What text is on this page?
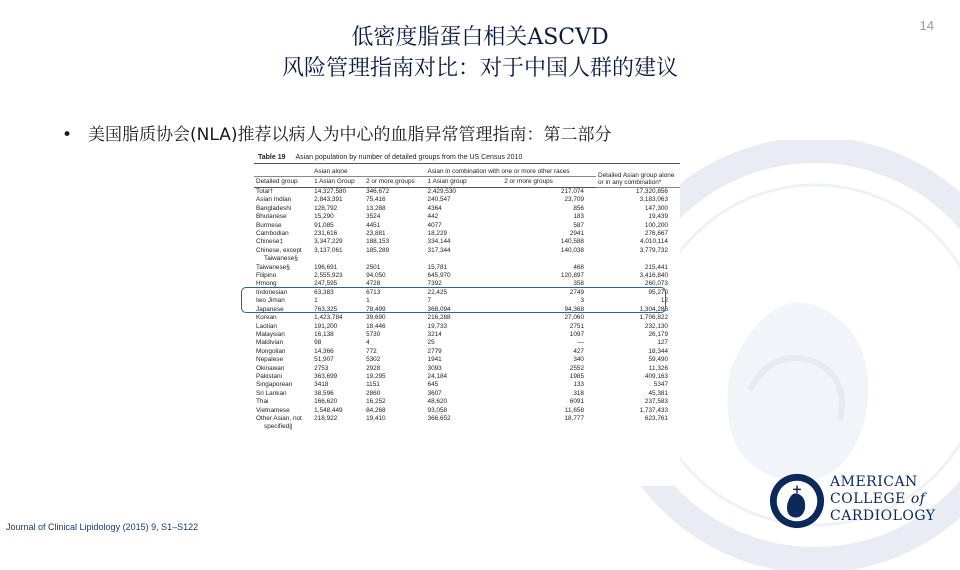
低密度脂蛋白相关ASCVD
风险管理指南对比：对于中国人群的建议
14
• 美国脂质协会(NLA)推荐以病人为中心的血脂异常管理指南：第二部分
Table 19 Asian population by number of detailed groups from the US Census 2010
	Asian alone		Asian in combination with one or more other races		Detailed Asian group alone or in any combination*
Detailed group	1 Asian Group	2 or more groups	1 Asian group	2 or more groups	
Total†	14,327,580	346,672	2,429,530	217,074	17,320,856
Asian Indian	2,843,391	75,416	240,547	23,709	3,183,063
Bangladeshi	128,792	13,288	4364	856	147,300
Bhutanese	15,290	3524	442	183	19,439
Burmese	91,085	4451	4077	587	100,200
Cambodian	231,616	23,881	18,229	2941	276,667
Chinese‡	3,347,229	188,153	334,144	140,588	4,010,114
Chinese, except	3,137,061	185,289	317,344	140,038	3,779,732
Taiwanese§					
Taiwanese§	196,691	2501	15,781	468	215,441
Filipino	2,555,923	94,050	645,970	120,897	3,416,840
Hmong	247,595	4728	7392	358	260,073
Indonesian	63,383	6713	22,425	2749	95,270
Iwo Jiman	1	1	7	3	12
Japanese	763,325	78,499	368,094	94,368	1,304,286
Korean	1,423,784	39,690	216,288	27,060	1,706,822
Laotian	191,200	18,446	19,733	2751	232,130
Malaysian	16,138	5730	3214	1097	26,179
Maldivian	98	4	25	—	127
Mongolian	14,366	772	2779	427	18,344
Nepalese	51,907	5302	1941	340	59,490
Okinawan	2753	2928	3093	2552	11,326
Pakistani	363,699	19,295	24,184	1985	409,163
Singaporean	3418	1151	645	133	5347
Sri Lankan	38,596	2860	3607	318	45,381
Thai	166,620	16,252	48,620	6091	237,583
Vietnamese	1,548,449	84,268	93,058	11,658	1,737,433
Other Asian, not	218,922	19,410	366,652	18,777	623,761
specified||					
Journal of Clinical Lipidology (2015) 9, S1–S122
AMERICAN
COLLEGE of
CARDIOLOGY
